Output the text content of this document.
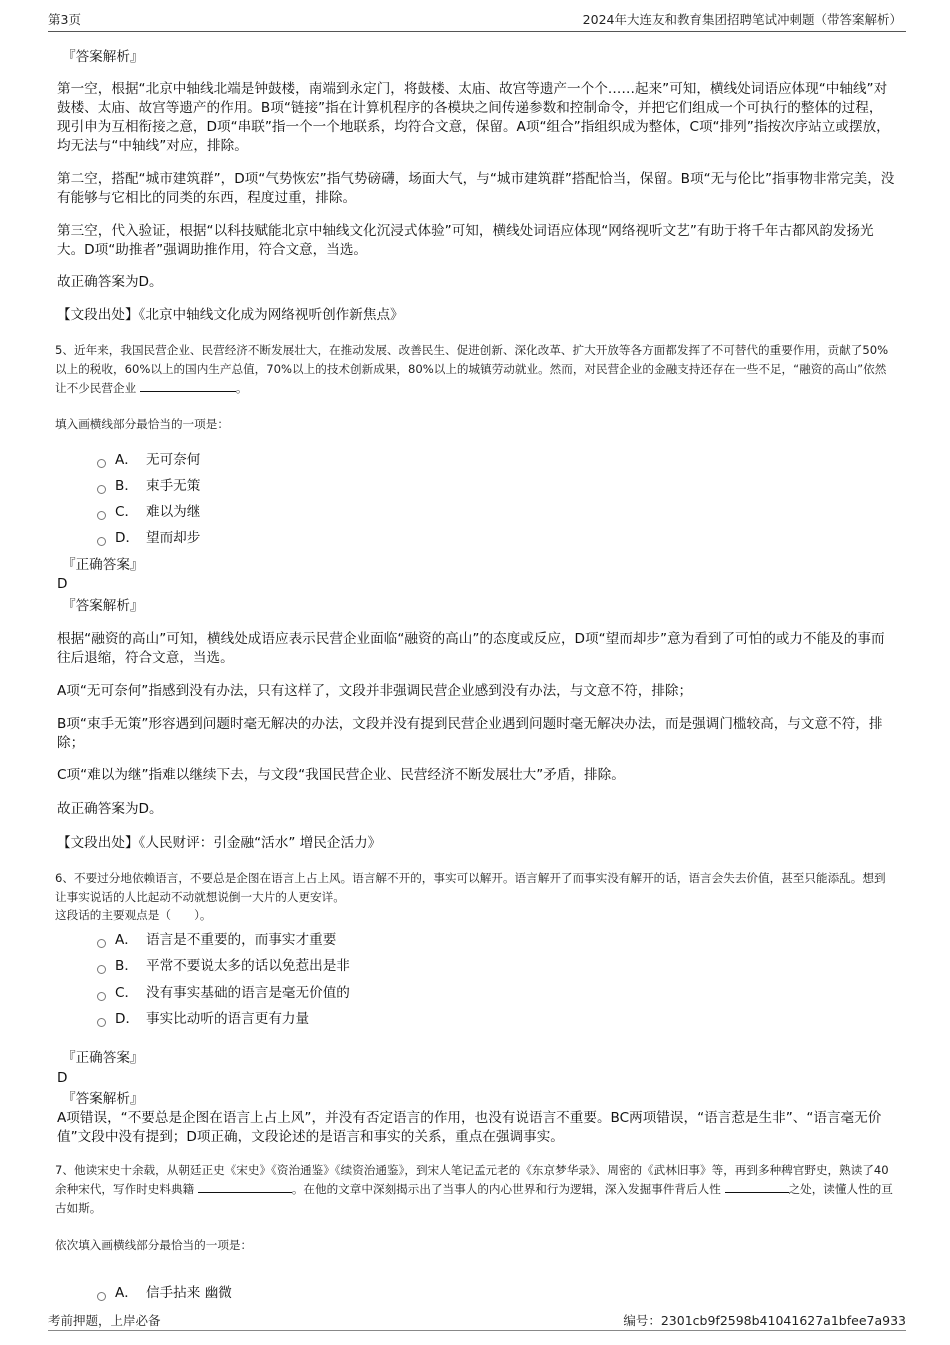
第3页	2024年大连友和教育集团招聘笔试冲刺题（带答案解析）
『答案解析』
第一空，根据“北京中轴线北端是钟鼓楼，南端到永定门，将鼓楼、太庙、故宫等遗产一个个……起来”可知，横线处词语应体现“中轴线”对鼓楼、太庙、故宫等遗产的作用。B项“链接”指在计算机程序的各模块之间传递参数和控制命令，并把它们组成一个可执行的整体的过程，现引申为互相衔接之意，D项“串联”指一个一个地联系，均符合文意，保留。A项“组合”指组织成为整体，C项“排列”指按次序站立或摆放，均无法与“中轴线”对应，排除。
第二空，搭配“城市建筑群”，D项“气势恢宏”指气势磅礴，场面大气，与“城市建筑群”搭配恰当，保留。B项“无与伦比”指事物非常完美，没有能够与它相比的同类的东西，程度过重，排除。
第三空，代入验证，根据“以科技赋能北京中轴线文化沉浸式体验”可知，横线处词语应体现“网络视听文艺”有助于将千年古都风韵发扬光大。D项“助推者”强调助推作用，符合文意，当选。
故正确答案为D。
【文段出处】《北京中轴线文化成为网络视听创作新焦点》
5、近年来，我国民营企业、民营经济不断发展壮大，在推动发展、改善民生、促进创新、深化改革、扩大开放等各方面都发挥了不可替代的重要作用，贡献了50%以上的税收，60%以上的国内生产总值，70%以上的技术创新成果，80%以上的城镇劳动就业。然而，对民营企业的金融支持还存在一些不足，“融资的高山”依然让不少民营企业	。
填入画横线部分最恰当的一项是：
A． 无可奈何
B． 束手无策
C． 难以为继
D． 望而却步
『正确答案』
D
『答案解析』
根据“融资的高山”可知，横线处成语应表示民营企业面临“融资的高山”的态度或反应，D项“望而却步”意为看到了可怕的或力不能及的事而往后退缩，符合文意，当选。
A项“无可奈何”指感到没有办法，只有这样了，文段并非强调民营企业感到没有办法，与文意不符，排除；
B项“束手无策”形容遇到问题时毫无解决的办法，文段并没有提到民营企业遇到问题时毫无解决办法，而是强调门槛较高，与文意不符，排除；
C项“难以为继”指难以继续下去，与文段“我国民营企业、民营经济不断发展壮大”矛盾，排除。
故正确答案为D。
【文段出处】《人民财评：引金融“活水” 增民企活力》
6、不要过分地依赖语言，不要总是企图在语言上占上风。语言解不开的，事实可以解开。语言解开了而事实没有解开的话，语言会失去价值，甚至只能添乱。想到让事实说话的人比起动不动就想说倒一大片的人更安详。
这段话的主要观点是（　　）。
A． 语言是不重要的，而事实才重要
B． 平常不要说太多的话以免惹出是非
C． 没有事实基础的语言是毫无价值的
D． 事实比动听的语言更有力量
『正确答案』
D
『答案解析』
A项错误，“不要总是企图在语言上占上风”，并没有否定语言的作用，也没有说语言不重要。BC两项错误，“语言惹是生非”、“语言毫无价值”文段中没有提到；D项正确，文段论述的是语言和事实的关系，重点在强调事实。
7、他读宋史十余载，从朝廷正史《宋史》《资治通鉴》《续资治通鉴》，到宋人笔记孟元老的《东京梦华录》、周密的《武林旧事》等，再到多种稗官野史，熟读了40余种宋代，写作时史料典籍	。在他的文章中深刻揭示出了当事人的内心世界和行为逻辑，深入发掘事件背后人性	之处，读懂人性的亘古如斯。
依次填入画横线部分最恰当的一项是：
A． 信手拈来 幽微
考前押题，上岸必备	编号：2301cb9f2598b41041627a1bfee7a933
